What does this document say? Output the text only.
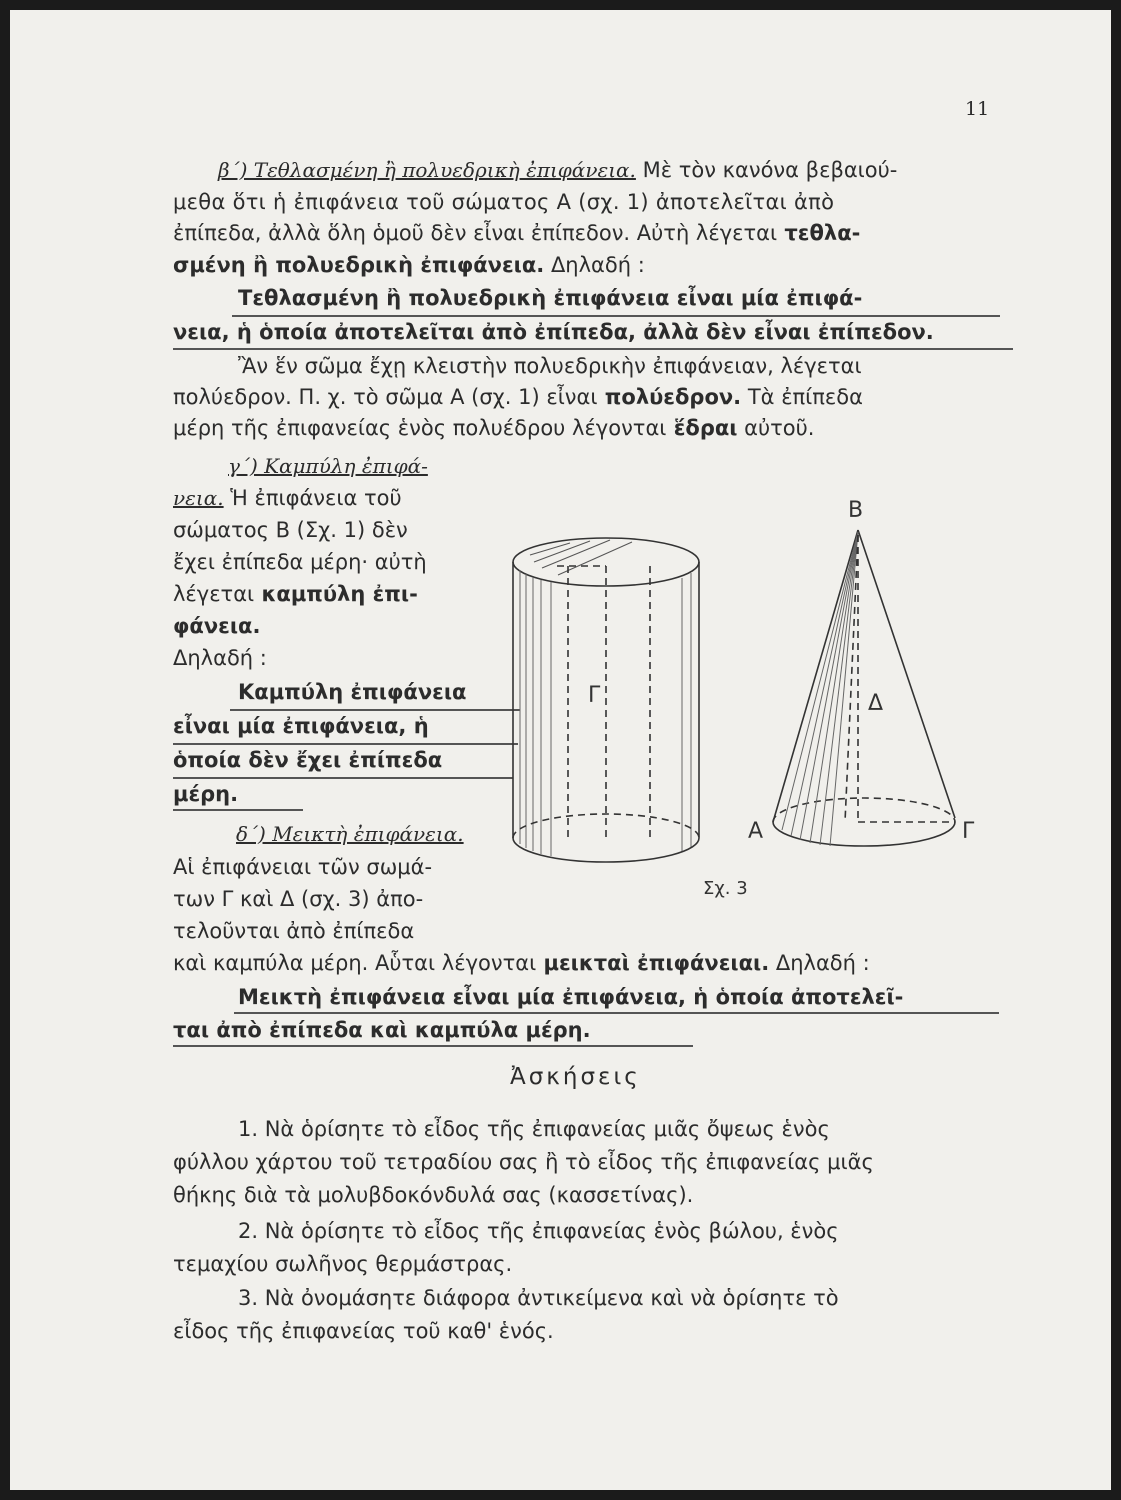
11
β΄) Τεθλασμένη ἢ πολυεδρικὴ ἐπιφάνεια. Μὲ τὸν κανόνα βεβαιού-
μεθα ὅτι ἡ ἐπιφάνεια τοῦ σώματος Α (σχ. 1) ἀποτελεῖται ἀπὸ
ἐπίπεδα, ἀλλὰ ὅλη ὁμοῦ δὲν εἶναι ἐπίπεδον. Αὐτὴ λέγεται τεθλα-
σμένη ἢ πολυεδρικὴ ἐπιφάνεια. Δηλαδή :
Τεθλασμένη ἢ πολυεδρικὴ ἐπιφάνεια εἶναι μία ἐπιφά-
νεια, ἡ ὁποία ἀποτελεῖται ἀπὸ ἐπίπεδα, ἀλλὰ δὲν εἶναι ἐπίπεδον.
Ἂν ἕν σῶμα ἔχῃ κλειστὴν πολυεδρικὴν ἐπιφάνειαν, λέγεται
πολύεδρον. Π. χ. τὸ σῶμα Α (σχ. 1) εἶναι πολύεδρον. Τὰ ἐπίπεδα
μέρη τῆς ἐπιφανείας ἑνὸς πολυέδρου λέγονται ἕδραι αὐτοῦ.
γ΄) Καμπύλη ἐπιφά-
νεια. Ἡ ἐπιφάνεια τοῦ
σώματος Β (Σχ. 1) δὲν
ἔχει ἐπίπεδα μέρη· αὐτὴ
λέγεται καμπύλη ἐπι-
φάνεια.
Δηλαδή :
Καμπύλη ἐπιφάνεια
εἶναι μία ἐπιφάνεια, ἡ
ὁποία δὲν ἔχει ἐπίπεδα
μέρη.
δ΄) Μεικτὴ ἐπιφάνεια.
Αἱ ἐπιφάνειαι τῶν σωμά-
των Γ καὶ Δ (σχ. 3) ἀπο-
τελοῦνται ἀπὸ ἐπίπεδα
καὶ καμπύλα μέρη. Αὗται λέγονται μεικταὶ ἐπιφάνειαι. Δηλαδή :
Μεικτὴ ἐπιφάνεια εἶναι μία ἐπιφάνεια, ἡ ὁποία ἀποτελεῖ-
ται ἀπὸ ἐπίπεδα καὶ καμπύλα μέρη.
Ἀσκήσεις
1. Νὰ ὁρίσητε τὸ εἶδος τῆς ἐπιφανείας μιᾶς ὄψεως ἑνὸς
φύλλου χάρτου τοῦ τετραδίου σας ἢ τὸ εἶδος τῆς ἐπιφανείας μιᾶς
θήκης διὰ τὰ μολυβδοκόνδυλά σας (κασσετίνας).
2. Νὰ ὁρίσητε τὸ εἶδος τῆς ἐπιφανείας ἑνὸς βώλου, ἑνὸς
τεμαχίου σωλῆνος θερμάστρας.
3. Νὰ ὀνομάσητε διάφορα ἀντικείμενα καὶ νὰ ὁρίσητε τὸ
εἶδος τῆς ἐπιφανείας τοῦ καθ' ἑνός.
Γ
Β
Δ
Α	Γ
Σχ. 3
